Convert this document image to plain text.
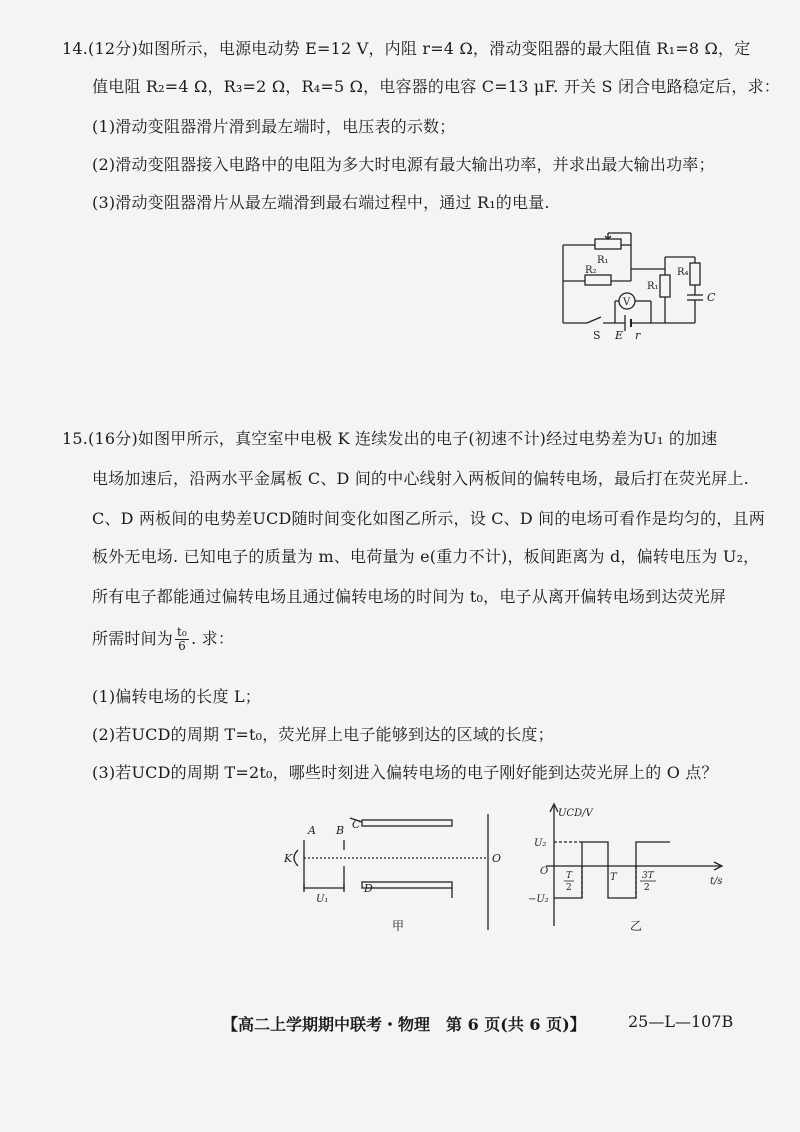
14.(12分)如图所示，电源电动势 E=12 V，内阻 r=4 Ω，滑动变阻器的最大阻值 R₁=8 Ω，定
值电阻 R₂=4 Ω，R₃=2 Ω，R₄=5 Ω，电容器的电容 C=13 μF. 开关 S 闭合电路稳定后，求：
(1)滑动变阻器滑片滑到最左端时，电压表的示数；
(2)滑动变阻器接入电路中的电阻为多大时电源有最大输出功率，并求出最大输出功率；
(3)滑动变阻器滑片从最左端滑到最右端过程中，通过 R₁的电量.
R₁
R₂
R₁
R₄
C
V
S E r
15.(16分)如图甲所示，真空室中电极 K 连续发出的电子(初速不计)经过电势差为U₁ 的加速
电场加速后，沿两水平金属板 C、D 间的中心线射入两板间的偏转电场，最后打在荧光屏上.
C、D 两板间的电势差UCD随时间变化如图乙所示，设 C、D 间的电场可看作是均匀的，且两
板外无电场. 已知电子的质量为 m、电荷量为 e(重力不计)，板间距离为 d，偏转电压为 U₂，
所有电子都能通过偏转电场且通过偏转电场的时间为 t₀，电子从离开偏转电场到达荧光屏
所需时间为 $\frac{\text{t₀}}{6}$ . 求：
(1)偏转电场的长度 L；
(2)若UCD的周期 T=t₀，荧光屏上电子能够到达的区域的长度；
(3)若UCD的周期 T=2t₀，哪些时刻进入偏转电场的电子刚好能到达荧光屏上的 O 点？
A B C
D
K	O
U₁
甲
UCD/V
t/s
U₂
−U₂
O
T
T
2
3T
2
乙
【高二上学期期中联考・物理　第 6 页(共 6 页)】	25—L—107B
